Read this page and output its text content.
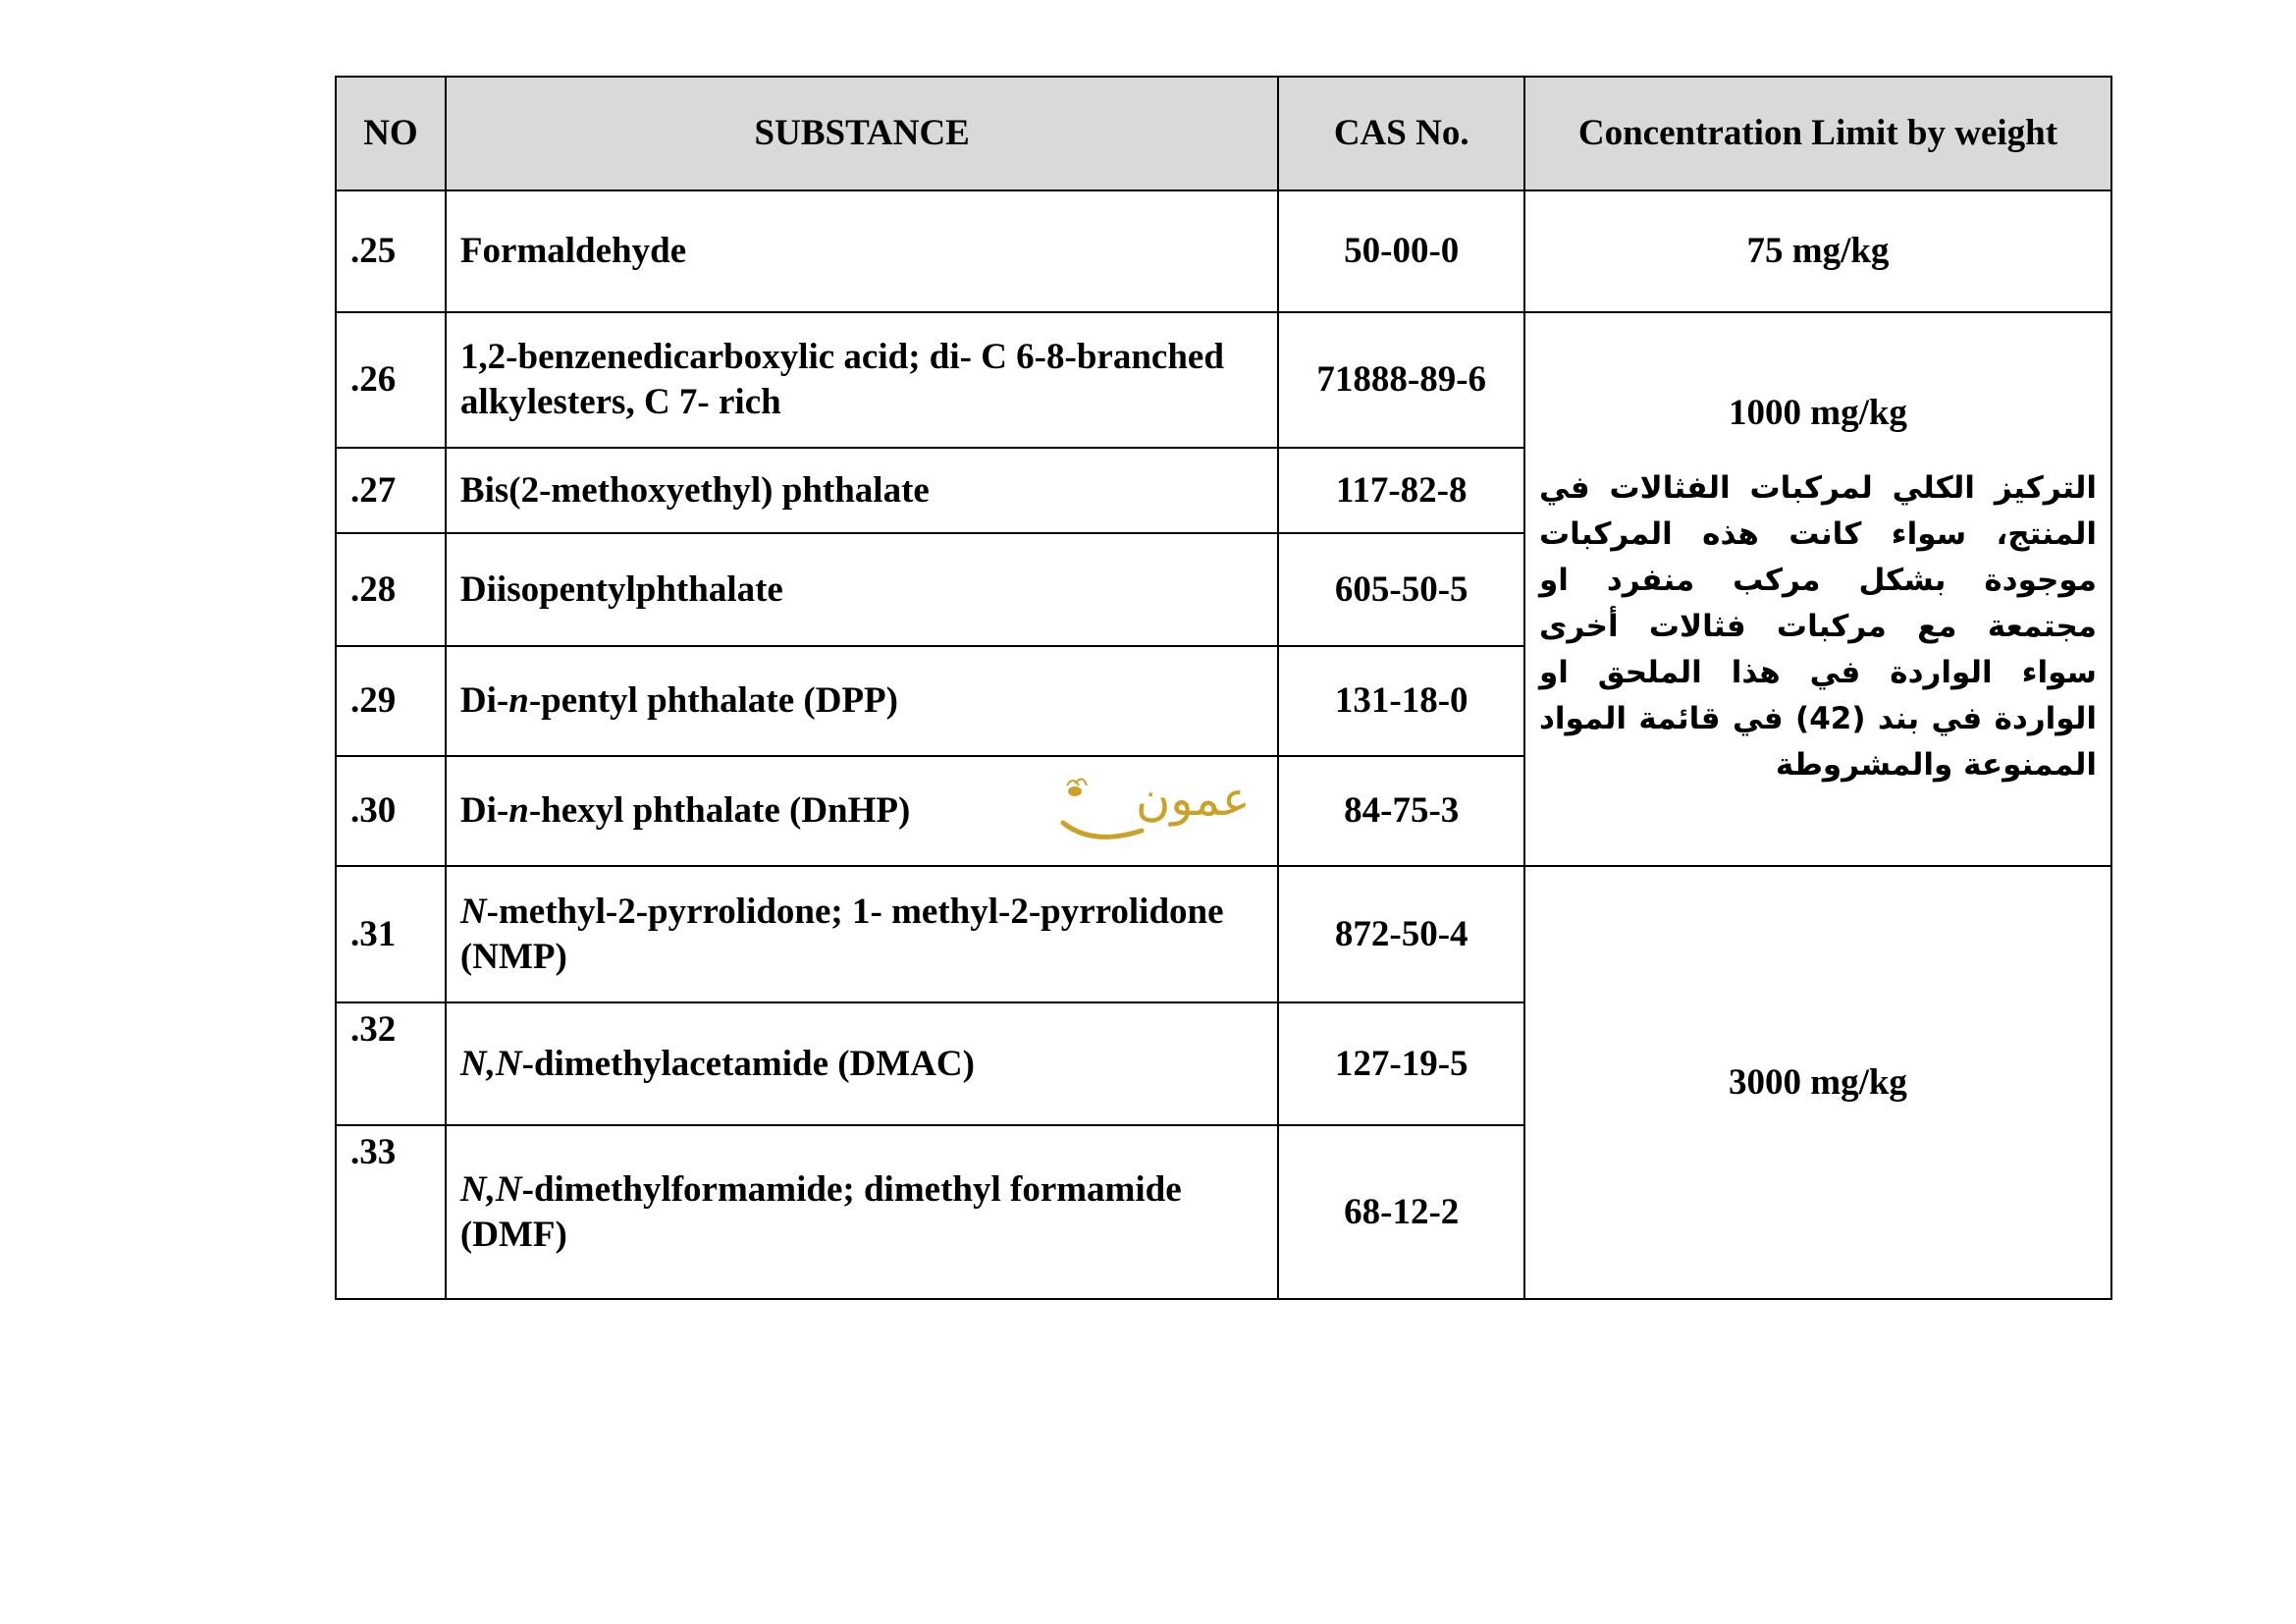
NO	SUBSTANCE	CAS No.	Concentration Limit by weight
.25	Formaldehyde	50-00-0	75 mg/kg
.26	1,2-benzenedicarboxylic acid; di- C 6-8-branched alkylesters, C 7- rich	71888-89-6	1000 mg/kg
التركيز الكلي لمركبات الفثالات في المنتج، سواء كانت هذه المركبات موجودة بشكل مركب منفرد او مجتمعة مع مركبات فثالات أخرى سواء الواردة في هذا الملحق او الواردة في بند (42) في قائمة المواد الممنوعة والمشروطة

.27	Bis(2-methoxyethyl) phthalate	117-82-8	
.28	Diisopentylphthalate	605-50-5	
.29	Di-n-pentyl phthalate (DPP)	131-18-0	
.30	Di-n-hexyl phthalate (DnHP) عمون	84-75-3	
.31	N-methyl-2-pyrrolidone; 1- methyl-2-pyrrolidone (NMP)	872-50-4	3000 mg/kg
.32	N,N-dimethylacetamide (DMAC)	127-19-5	
.33	N,N-dimethylformamide; dimethyl formamide (DMF)	68-12-2	
